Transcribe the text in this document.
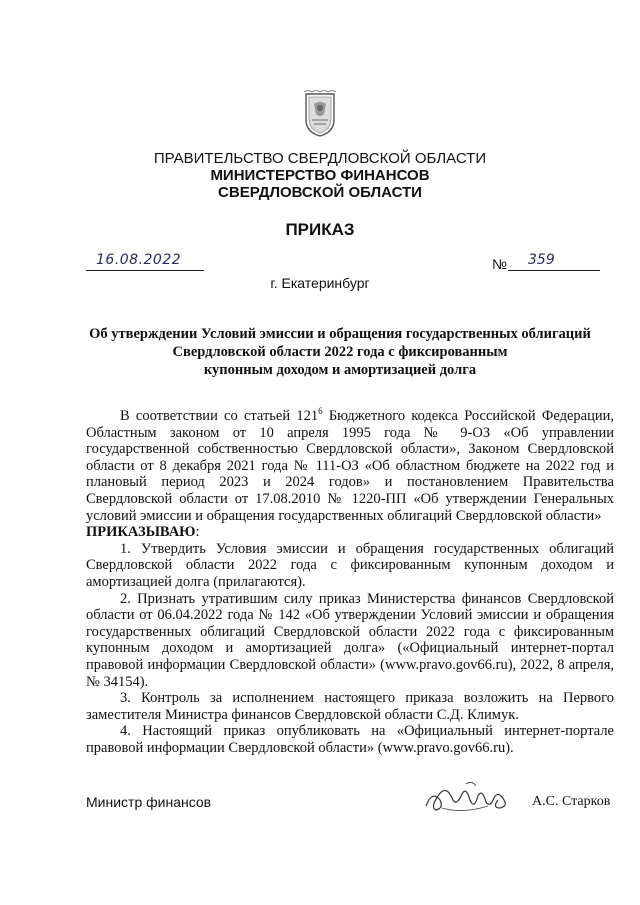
ПРАВИТЕЛЬСТВО СВЕРДЛОВСКОЙ ОБЛАСТИ
МИНИСТЕРСТВО ФИНАНСОВ
СВЕРДЛОВСКОЙ ОБЛАСТИ
ПРИКАЗ
16.08.2022	№ 359
г. Екатеринбург
Об утверждении Условий эмиссии и обращения государственных облигаций
Свердловской области 2022 года с фиксированным
купонным доходом и амортизацией долга

В соответствии со статьей $121^6$ Бюджетного кодекса Российской Федерации, Областным законом от 10 апреля 1995 года № 9-ОЗ «Об управлении государственной собственностью Свердловской области», Законом Свердловской области от 8 декабря 2021 года № 111-ОЗ «Об областном бюджете на 2022 год и плановый период 2023 и 2024 годов» и постановлением Правительства Свердловской области от 17.08.2010 № 1220-ПП «Об утверждении Генеральных условий эмиссии и обращения государственных облигаций Свердловской области»

ПРИКАЗЫВАЮ:

1. Утвердить Условия эмиссии и обращения государственных облигаций Свердловской области 2022 года с фиксированным купонным доходом и амортизацией долга (прилагаются).

2. Признать утратившим силу приказ Министерства финансов Свердловской области от 06.04.2022 года № 142 «Об утверждении Условий эмиссии и обращения государственных облигаций Свердловской области 2022 года с фиксированным купонным доходом и амортизацией долга» («Официальный интернет-портал правовой информации Свердловской области» (www.pravo.gov66.ru), 2022, 8 апреля, № 34154).

3. Контроль за исполнением настоящего приказа возложить на Первого заместителя Министра финансов Свердловской области С.Д. Климук.

4. Настоящий приказ опубликовать на «Официальный интернет-портале правовой информации Свердловской области» (www.pravo.gov66.ru).

Министр финансов	А.С. Старков
